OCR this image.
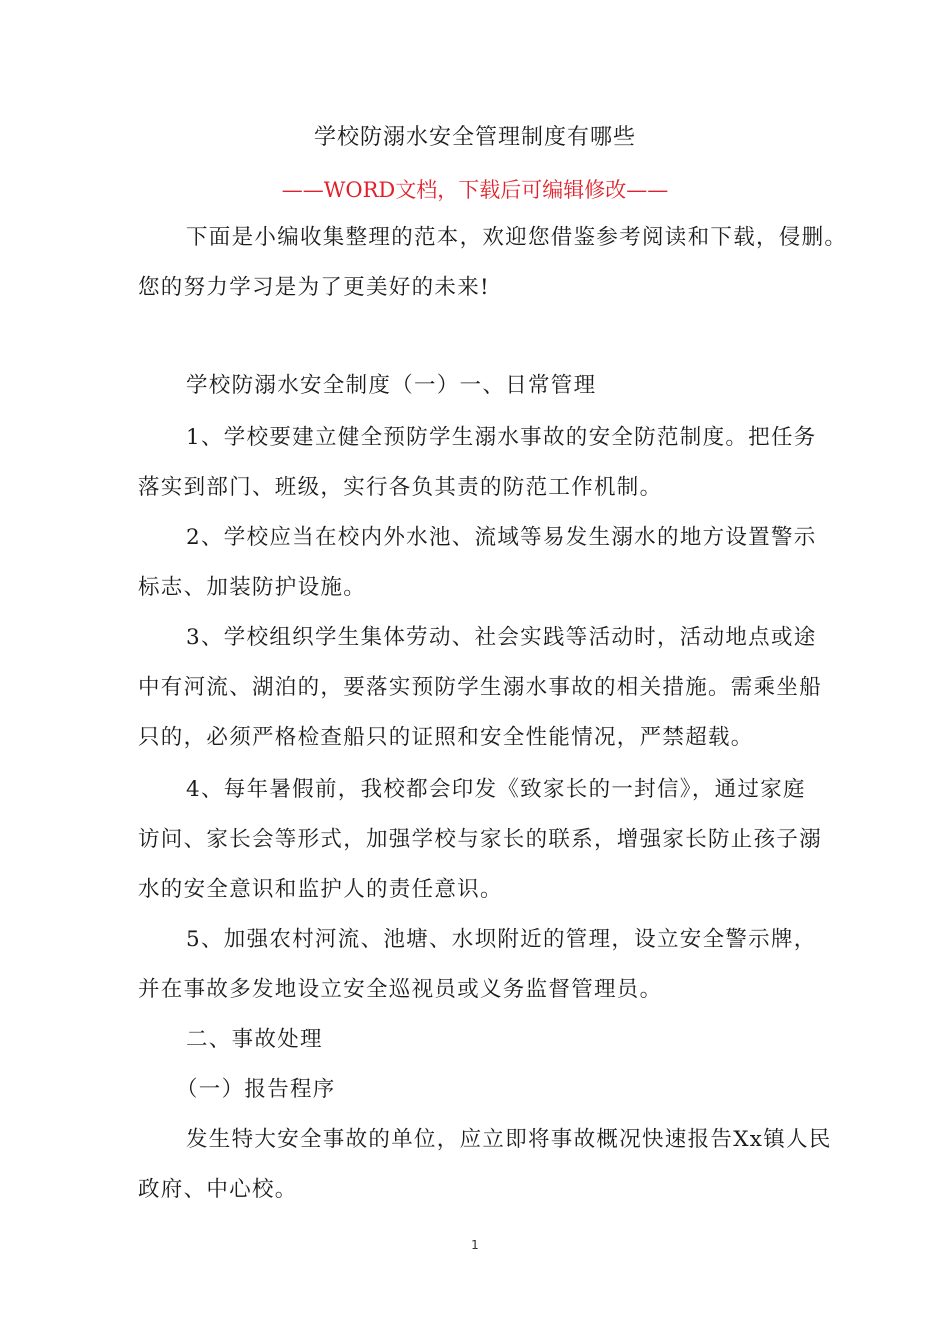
学校防溺水安全管理制度有哪些
——WORD文档，下载后可编辑修改——
下面是小编收集整理的范本，欢迎您借鉴参考阅读和下载，侵删。
您的努力学习是为了更美好的未来!
学校防溺水安全制度（一）一、日常管理
1、学校要建立健全预防学生溺水事故的安全防范制度。把任务
落实到部门、班级，实行各负其责的防范工作机制。
2、学校应当在校内外水池、流域等易发生溺水的地方设置警示
标志、加装防护设施。
3、学校组织学生集体劳动、社会实践等活动时，活动地点或途
中有河流、湖泊的，要落实预防学生溺水事故的相关措施。需乘坐船
只的，必须严格检查船只的证照和安全性能情况，严禁超载。
4、每年暑假前，我校都会印发《致家长的一封信》，通过家庭
访问、家长会等形式，加强学校与家长的联系，增强家长防止孩子溺
水的安全意识和监护人的责任意识。
5、加强农村河流、池塘、水坝附近的管理，设立安全警示牌，
并在事故多发地设立安全巡视员或义务监督管理员。
二、事故处理
（一）报告程序
发生特大安全事故的单位，应立即将事故概况快速报告Xx镇人民
政府、中心校。
1
